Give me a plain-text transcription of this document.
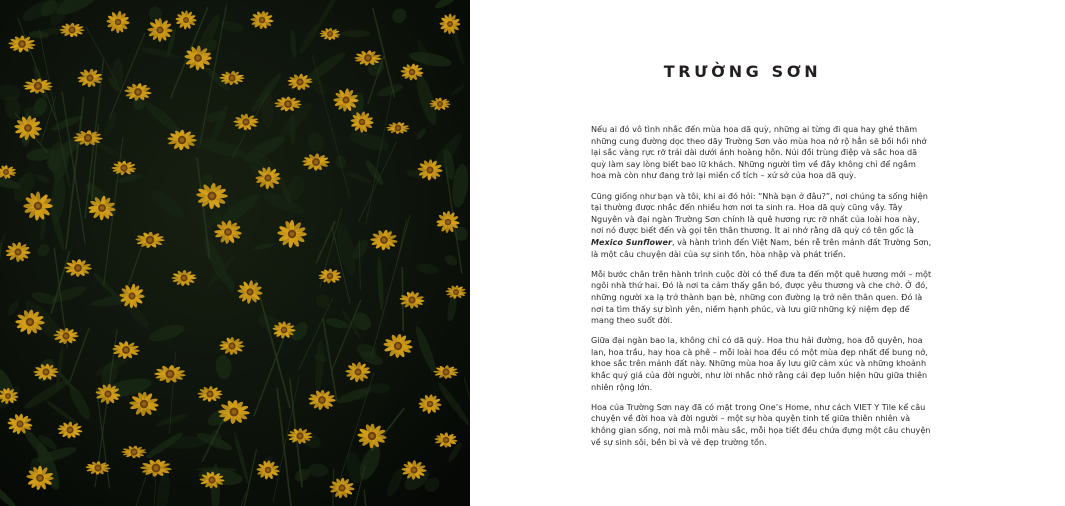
TRƯỜNG SƠN

Nếu ai đó vô tình nhắc đến mùa hoa dã quỳ, những ai từng đi qua hay ghé thăm những cung đường dọc theo dãy Trường Sơn vào mùa hoa nở rộ hẳn sẽ bồi hồi nhớ lại sắc vàng rực rỡ trải dài dưới ánh hoàng hôn. Núi đồi trùng điệp và sắc hoa dã quỳ làm say lòng biết bao lữ khách. Những người tìm về đây không chỉ để ngắm hoa mà còn như đang trở lại miền cổ tích – xứ sở của hoa dã quỳ.

Cũng giống như bạn và tôi, khi ai đó hỏi: “Nhà bạn ở đâu?”, nơi chúng ta sống hiện tại thường được nhắc đến nhiều hơn nơi ta sinh ra. Hoa dã quỳ cũng vậy. Tây Nguyên và đại ngàn Trường Sơn chính là quê hương rực rỡ nhất của loài hoa này, nơi nó được biết đến và gọi tên thân thương. Ít ai nhớ rằng dã quỳ có tên gốc là Mexico Sunflower, và hành trình đến Việt Nam, bén rễ trên mảnh đất Trường Sơn, là một câu chuyện dài của sự sinh tồn, hòa nhập và phát triển.

Mỗi bước chân trên hành trình cuộc đời có thể đưa ta đến một quê hương mới – một ngôi nhà thứ hai. Đó là nơi ta cảm thấy gắn bó, được yêu thương và che chở. Ở đó, những người xa lạ trở thành bạn bè, những con đường lạ trở nên thân quen. Đó là nơi ta tìm thấy sự bình yên, niềm hạnh phúc, và lưu giữ những kỷ niệm đẹp để mang theo suốt đời.

Giữa đại ngàn bao la, không chỉ có dã quỳ. Hoa thu hải đường, hoa đỗ quyên, hoa lan, hoa trầu, hay hoa cà phê – mỗi loài hoa đều có một mùa đẹp nhất để bung nở, khoe sắc trên mảnh đất này. Những mùa hoa ấy lưu giữ cảm xúc và những khoảnh khắc quý giá của đời người, như lời nhắc nhở rằng cái đẹp luôn hiện hữu giữa thiên nhiên rộng lớn.

Hoa của Trường Sơn nay đã có mặt trong One’s Home, như cách VIET Y Tile kể câu chuyện về đời hoa và đời người – một sự hòa quyện tinh tế giữa thiên nhiên và không gian sống, nơi mà mỗi màu sắc, mỗi họa tiết đều chứa đựng một câu chuyện về sự sinh sôi, bền bỉ và vẻ đẹp trường tồn.
